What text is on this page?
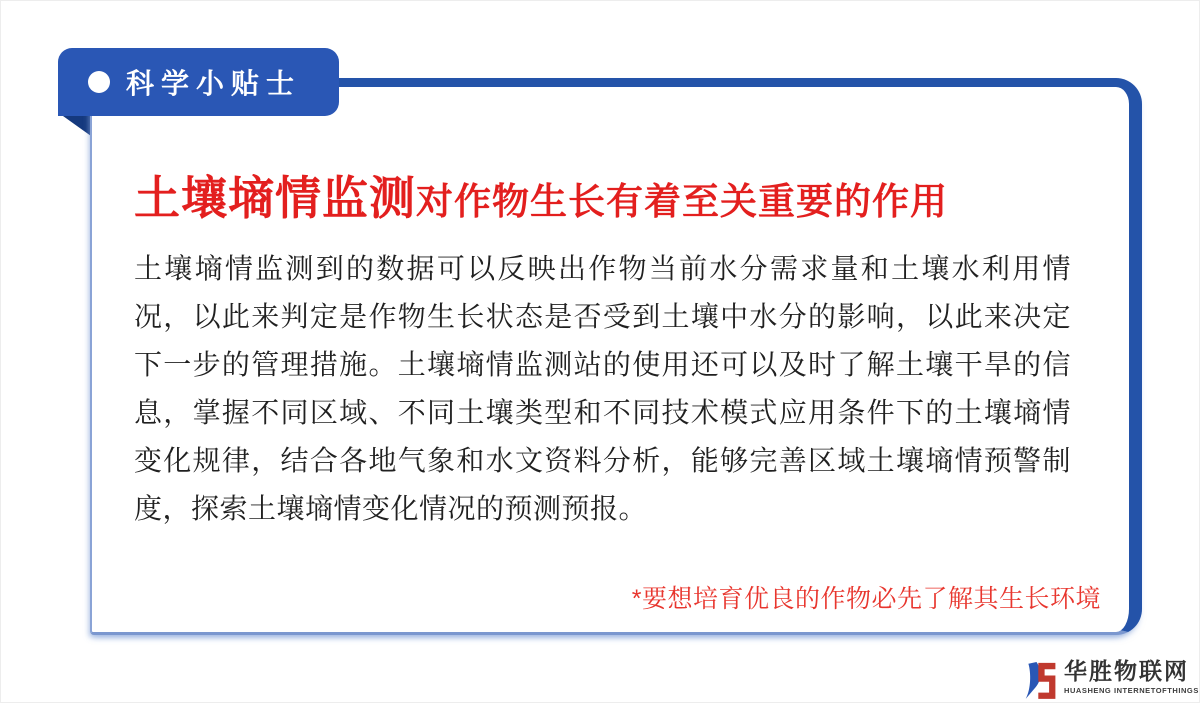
科学小贴士
土壤墒情监测 对作物生长有着至关重要的作用
土壤墒情监测到的数据可以反映出作物当前水分需求量和土壤水利用情况，以此来判定是作物生长状态是否受到土壤中水分的影响，以此来决定下一步的管理措施。土壤墒情监测站的使用还可以及时了解土壤干旱的信息，掌握不同区域、不同土壤类型和不同技术模式应用条件下的土壤墒情变化规律，结合各地气象和水文资料分析，能够完善区域土壤墒情预警制度，探索土壤墒情变化情况的预测预报。
*要想培育优良的作物必先了解其生长环境
华胜物联网
HUASHENG INTERNETOFTHINGS
